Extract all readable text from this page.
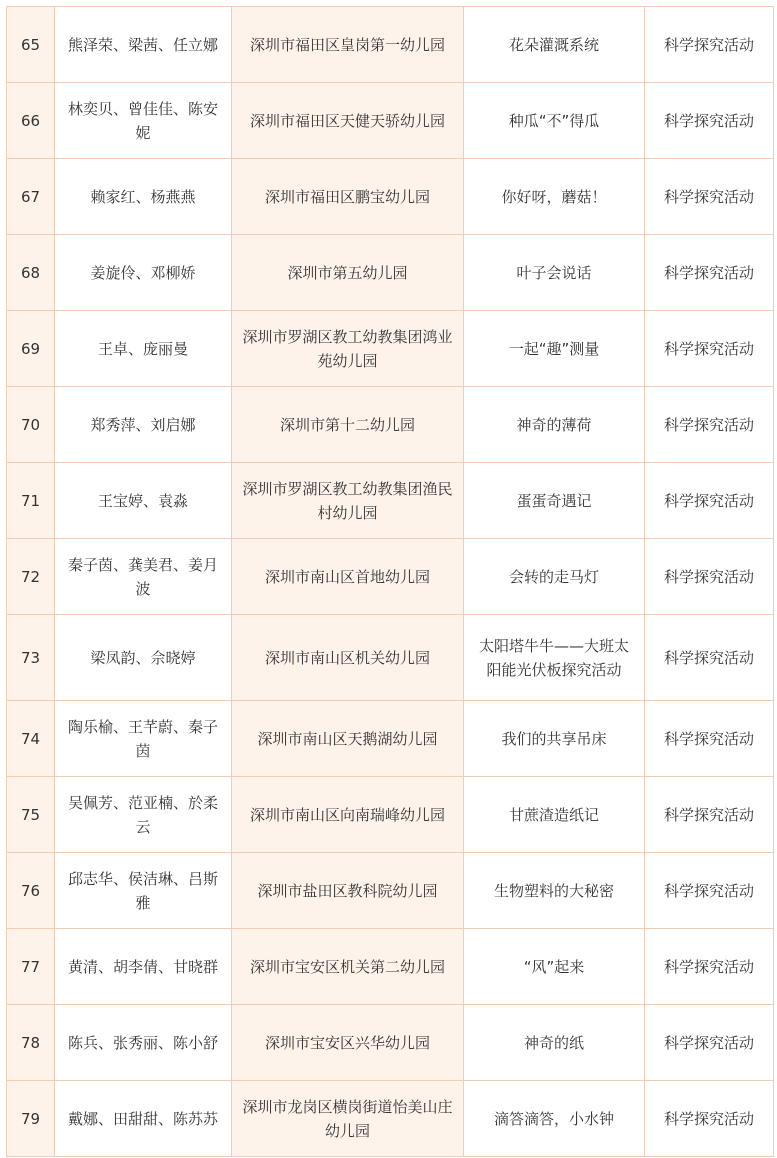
65	熊泽荣、梁茜、任立娜	深圳市福田区皇岗第一幼儿园	花朵灌溉系统	科学探究活动
66	林奕贝、曾佳佳、陈安妮	深圳市福田区天健天骄幼儿园	种瓜“不”得瓜	科学探究活动
67	赖家红、杨燕燕	深圳市福田区鹏宝幼儿园	你好呀，蘑菇！	科学探究活动
68	姜旋伶、邓柳娇	深圳市第五幼儿园	叶子会说话	科学探究活动
69	王卓、庞丽曼	深圳市罗湖区教工幼教集团鸿业苑幼儿园	一起“趣”测量	科学探究活动
70	郑秀萍、刘启娜	深圳市第十二幼儿园	神奇的薄荷	科学探究活动
71	王宝婷、袁淼	深圳市罗湖区教工幼教集团渔民村幼儿园	蛋蛋奇遇记	科学探究活动
72	秦子茵、龚美君、姜月波	深圳市南山区首地幼儿园	会转的走马灯	科学探究活动
73	梁凤韵、佘晓婷	深圳市南山区机关幼儿园	太阳塔牛牛——大班太阳能光伏板探究活动	科学探究活动
74	陶乐榆、王芊蔚、秦子茵	深圳市南山区天鹅湖幼儿园	我们的共享吊床	科学探究活动
75	吴佩芳、范亚楠、於柔云	深圳市南山区向南瑞峰幼儿园	甘蔗渣造纸记	科学探究活动
76	邱志华、侯洁琳、吕斯雅	深圳市盐田区教科院幼儿园	生物塑料的大秘密	科学探究活动
77	黄清、胡李倩、甘晓群	深圳市宝安区机关第二幼儿园	“风”起来	科学探究活动
78	陈兵、张秀丽、陈小舒	深圳市宝安区兴华幼儿园	神奇的纸	科学探究活动
79	戴娜、田甜甜、陈苏苏	深圳市龙岗区横岗街道怡美山庄幼儿园	滴答滴答，小水钟	科学探究活动
